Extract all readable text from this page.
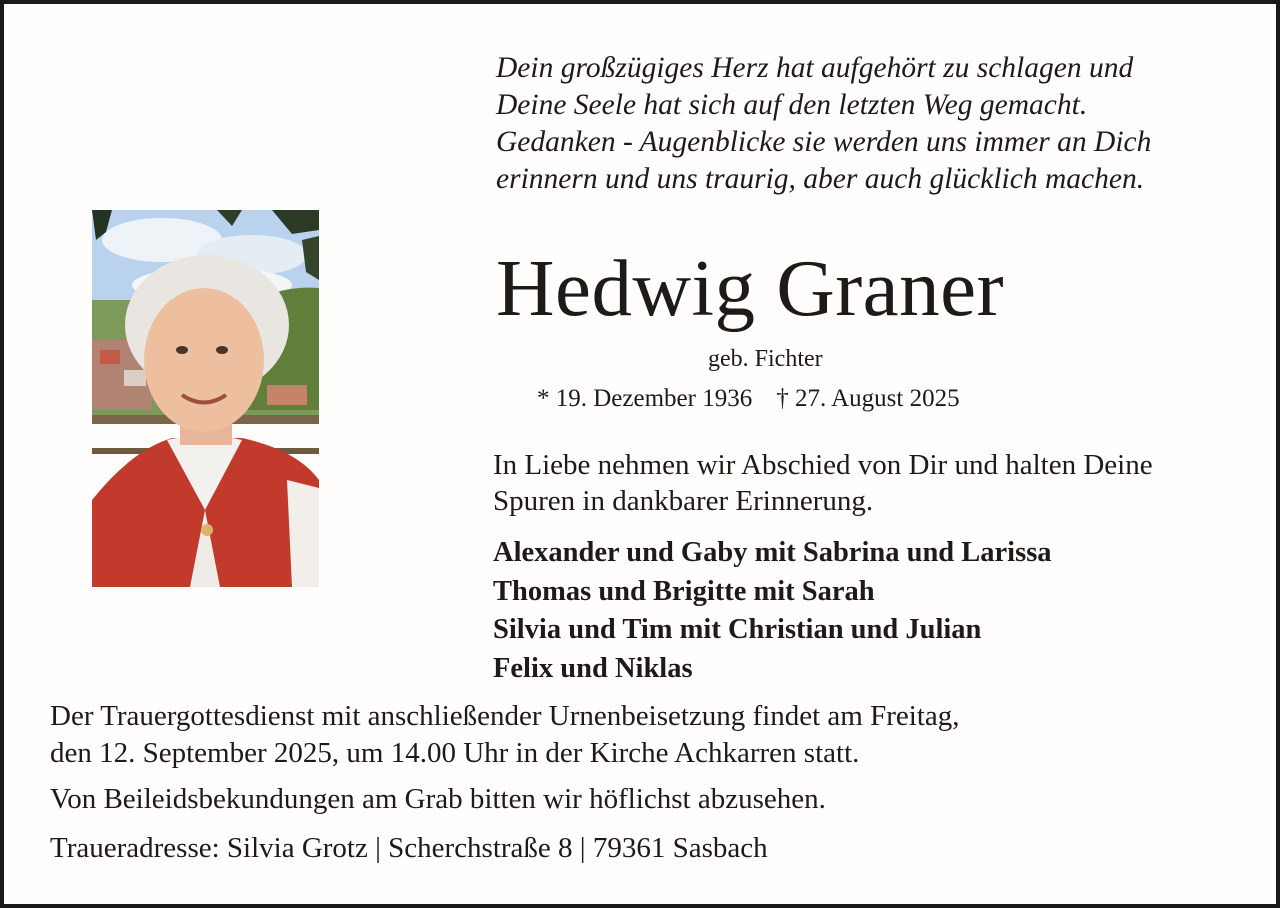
Dein großzügiges Herz hat aufgehört zu schlagen und
Deine Seele hat sich auf den letzten Weg gemacht.
Gedanken - Augenblicke sie werden uns immer an Dich
erinnern und uns traurig, aber auch glücklich machen.
Hedwig Graner
geb. Fichter
* 19. Dezember 1936 † 27. August 2025
In Liebe nehmen wir Abschied von Dir und halten Deine
Spuren in dankbarer Erinnerung.
Alexander und Gaby mit Sabrina und Larissa
Thomas und Brigitte mit Sarah
Silvia und Tim mit Christian und Julian
Felix und Niklas
Der Trauergottesdienst mit anschließender Urnenbeisetzung findet am Freitag,
den 12. September 2025, um 14.00 Uhr in der Kirche Achkarren statt.
Von Beileidsbekundungen am Grab bitten wir höflichst abzusehen.
Traueradresse: Silvia Grotz | Scherchstraße 8 | 79361 Sasbach
